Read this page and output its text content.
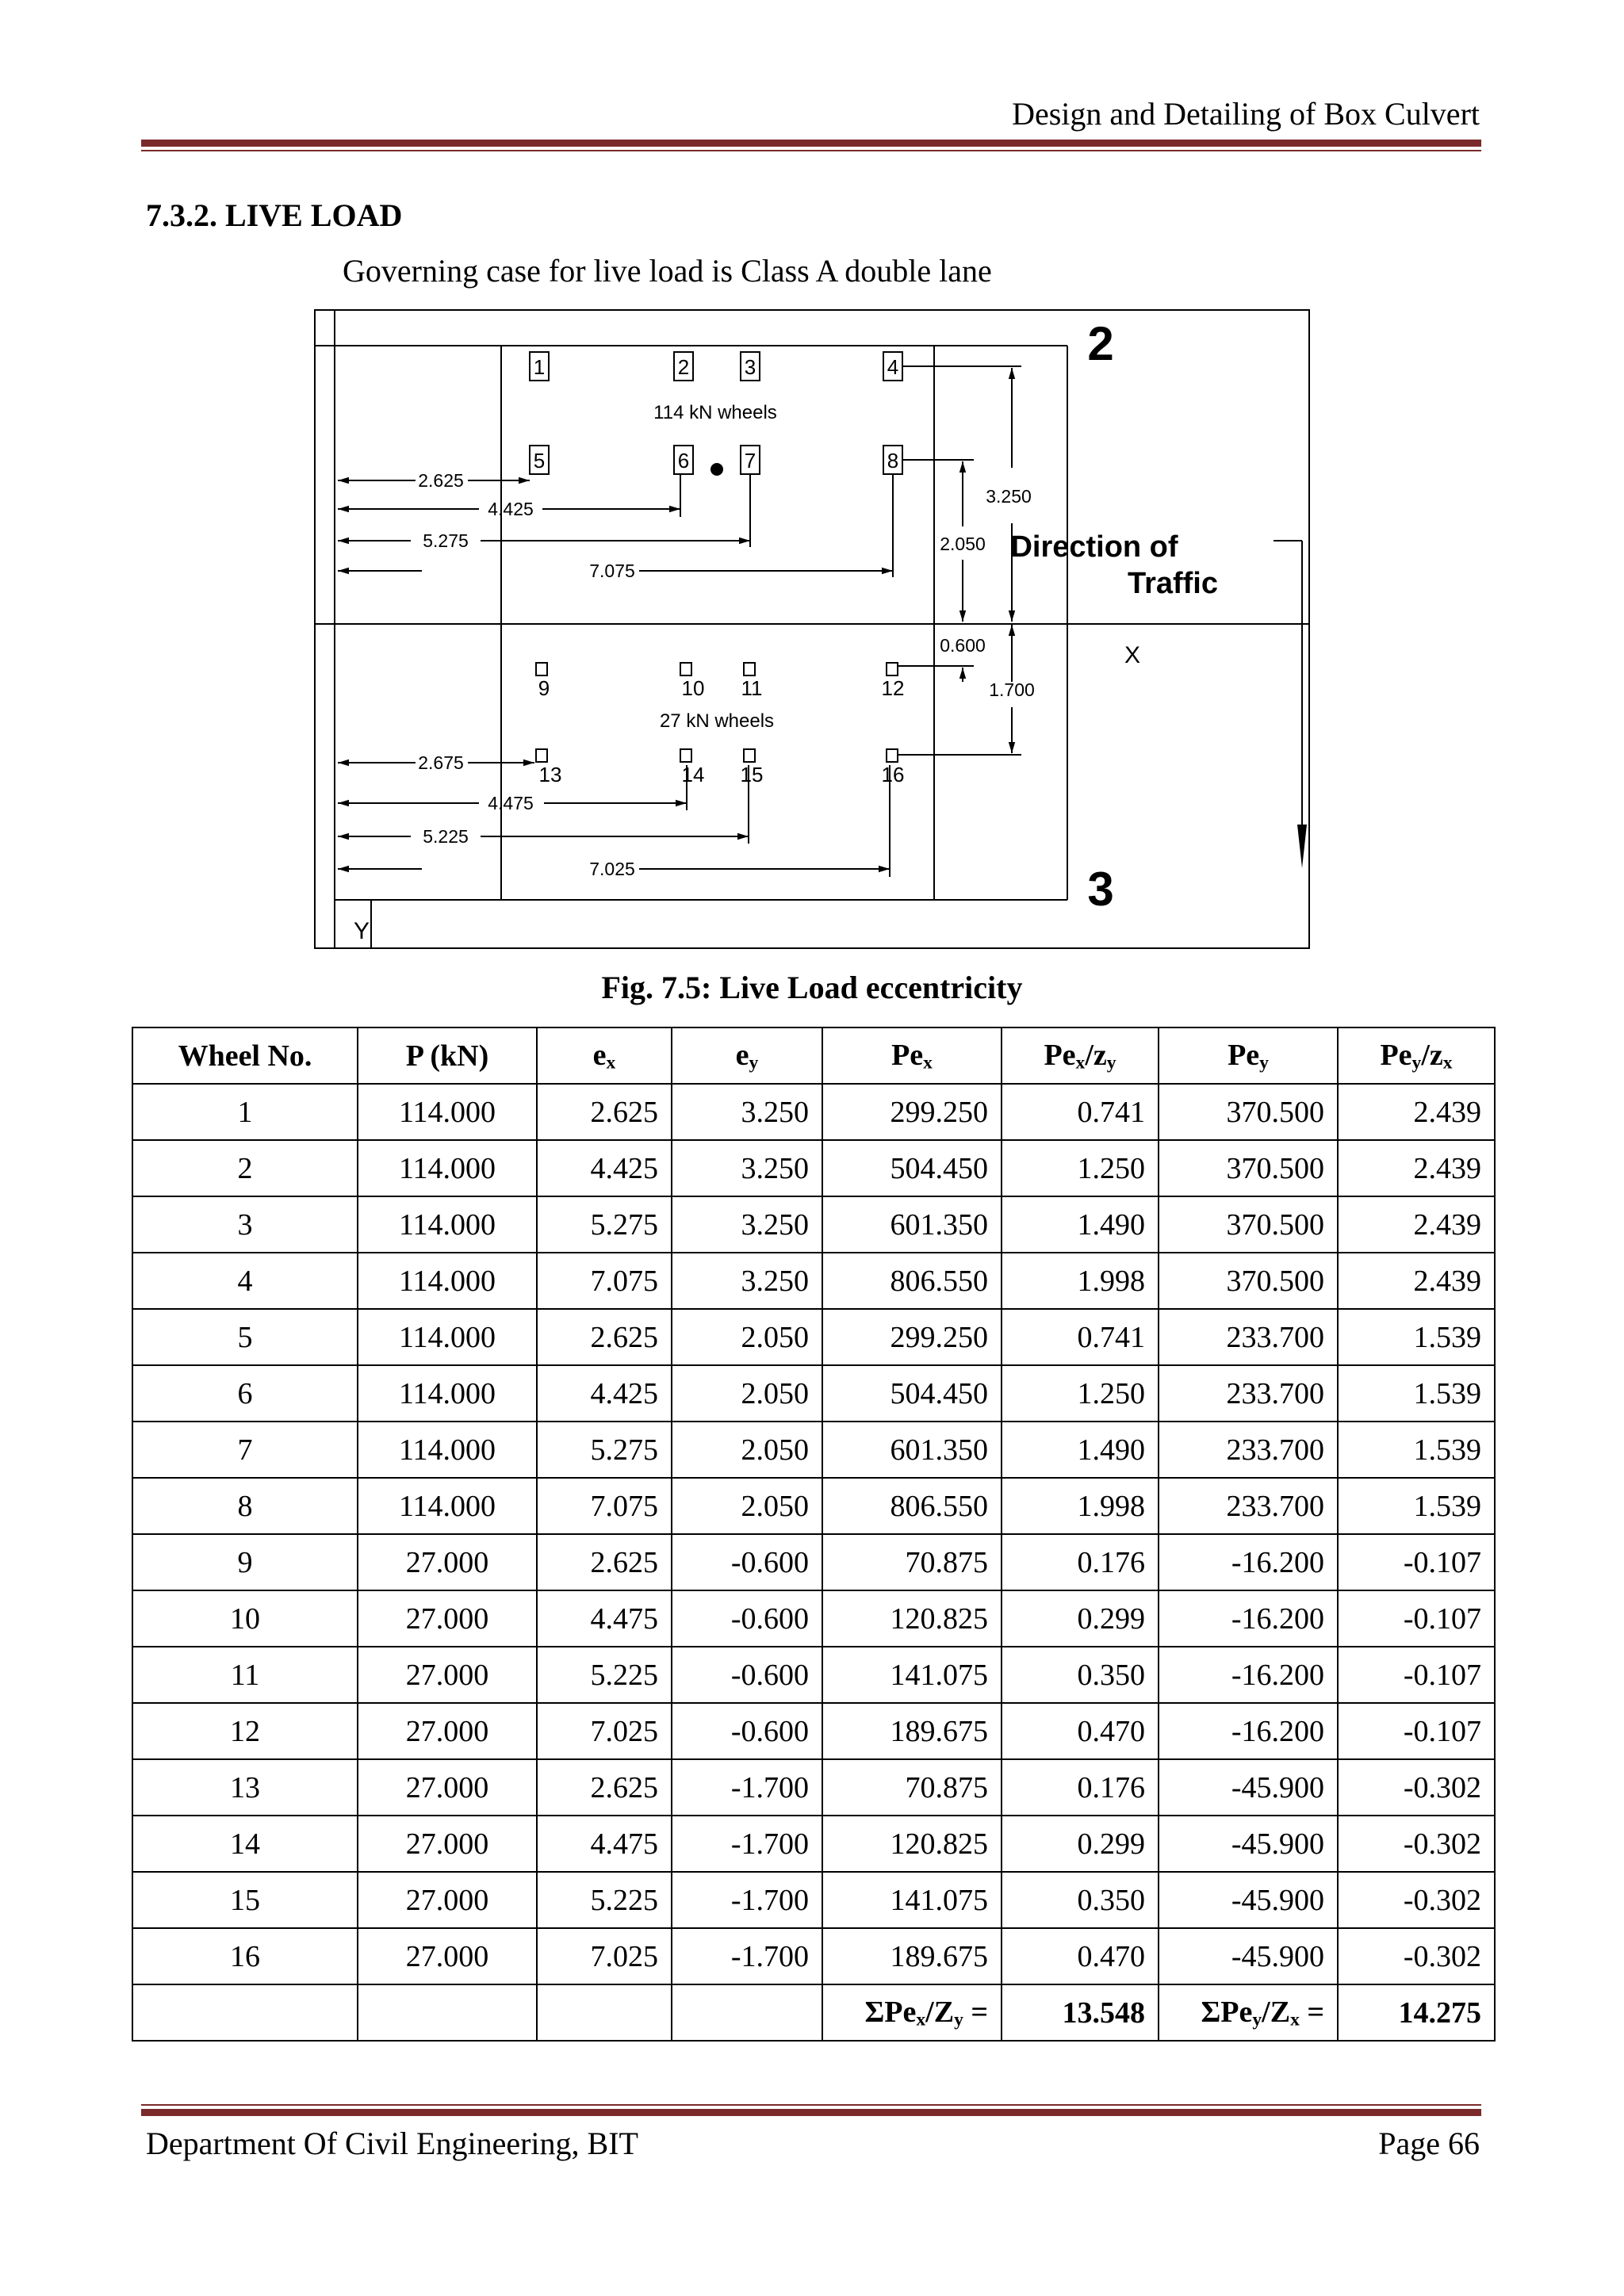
Design and Detailing of Box Culvert
7.3.2. LIVE LOAD
Governing case for live load is Class A double lane
1	2	3	4
5	6	7	8
114 kN wheels
9	10 11	12
13	14 15	16
27 kN wheels
2.625
4.425
5.275
7.075
2.675
4.475
5.225
7.025
3.250
2.050
0.600
1.700
2
3
Direction of
Traffic
X
Y
Fig. 7.5: Live Load eccentricity
Wheel No.	P (kN)	$e_x$	$e_y$	$Pe_x$	$Pe_x/z_y$	$Pe_y$	$Pe_y/z_x$
1	114.000	2.625	3.250	299.250	0.741	370.500	2.439
2	114.000	4.425	3.250	504.450	1.250	370.500	2.439
3	114.000	5.275	3.250	601.350	1.490	370.500	2.439
4	114.000	7.075	3.250	806.550	1.998	370.500	2.439
5	114.000	2.625	2.050	299.250	0.741	233.700	1.539
6	114.000	4.425	2.050	504.450	1.250	233.700	1.539
7	114.000	5.275	2.050	601.350	1.490	233.700	1.539
8	114.000	7.075	2.050	806.550	1.998	233.700	1.539
9	27.000	2.625	-0.600	70.875	0.176	-16.200	-0.107
10	27.000	4.475	-0.600	120.825	0.299	-16.200	-0.107
11	27.000	5.225	-0.600	141.075	0.350	-16.200	-0.107
12	27.000	7.025	-0.600	189.675	0.470	-16.200	-0.107
13	27.000	2.625	-1.700	70.875	0.176	-45.900	-0.302
14	27.000	4.475	-1.700	120.825	0.299	-45.900	-0.302
15	27.000	5.225	-1.700	141.075	0.350	-45.900	-0.302
16	27.000	7.025	-1.700	189.675	0.470	-45.900	-0.302
				$\Sigma Pe_x/Z_y$ =	13.548	$\Sigma Pe_y/Z_x$ =	14.275
Department Of Civil Engineering, BIT	Page 66
